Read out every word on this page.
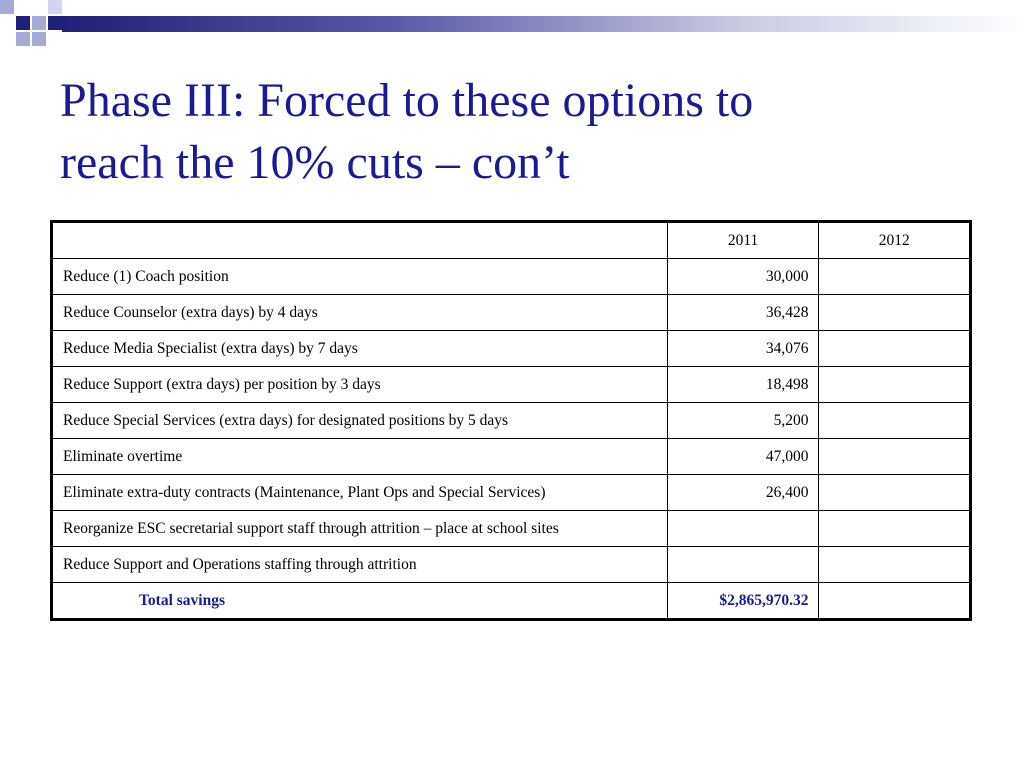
Phase III: Forced to these options to
reach the 10% cuts – con’t
	2011	2012
Reduce (1) Coach position	30,000	
Reduce Counselor (extra days) by 4 days	36,428	
Reduce Media Specialist (extra days) by 7 days	34,076	
Reduce Support (extra days) per position by 3 days	18,498	
Reduce Special Services (extra days) for designated positions by 5 days	5,200	
Eliminate overtime	47,000	
Eliminate extra-duty contracts (Maintenance, Plant Ops and Special Services)	26,400	
Reorganize ESC secretarial support staff through attrition – place at school sites		
Reduce Support and Operations staffing through attrition		
Total savings	$2,865,970.32	
